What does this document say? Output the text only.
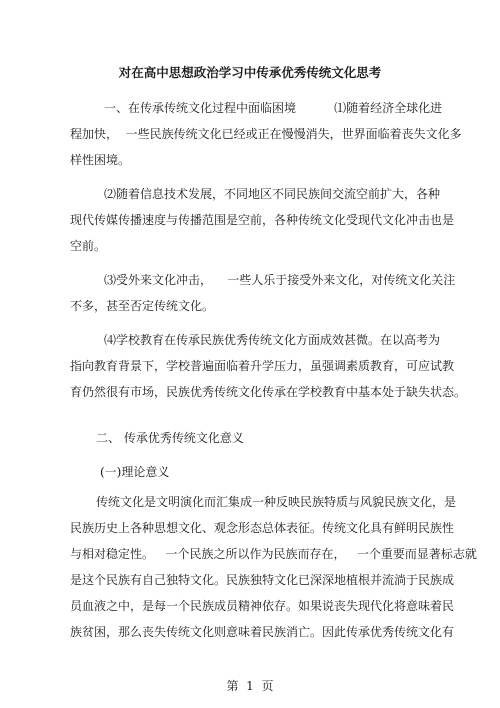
对在高中思想政治学习中传承优秀传统文化思考
一、在传承传统文化过程中面临困境          ⑴随着经济全球化进
程加快，  一些民族传统文化已经或正在慢慢消失，世界面临着丧失文化多
样性困境。
⑵随着信息技术发展，不同地区不同民族间交流空前扩大，各种
现代传媒传播速度与传播范围是空前，各种传统文化受现代文化冲击也是
空前。
⑶受外来文化冲击，    一些人乐于接受外来文化，对传统文化关注
不多，甚至否定传统文化。
⑷学校教育在传承民族优秀传统文化方面成效甚微。在以高考为
指向教育背景下，学校普遍面临着升学压力，虽强调素质教育，可应试教
育仍然很有市场，民族优秀传统文化传承在学校教育中基本处于缺失状态。
二、 传承优秀传统文化意义
(一)理论意义
传统文化是文明演化而汇集成一种反映民族特质与风貌民族文化，是
民族历史上各种思想文化、观念形态总体表征。传统文化具有鲜明民族性
与相对稳定性。   一个民族之所以作为民族而存在，   一个重要而显著标志就
是这个民族有自己独特文化。民族独特文化已深深地植根并流淌于民族成
员血液之中，是每一个民族成员精神依存。如果说丧失现代化将意味着民
族贫困，那么丧失传统文化则意味着民族消亡。因此传承优秀传统文化有
第  1  页
